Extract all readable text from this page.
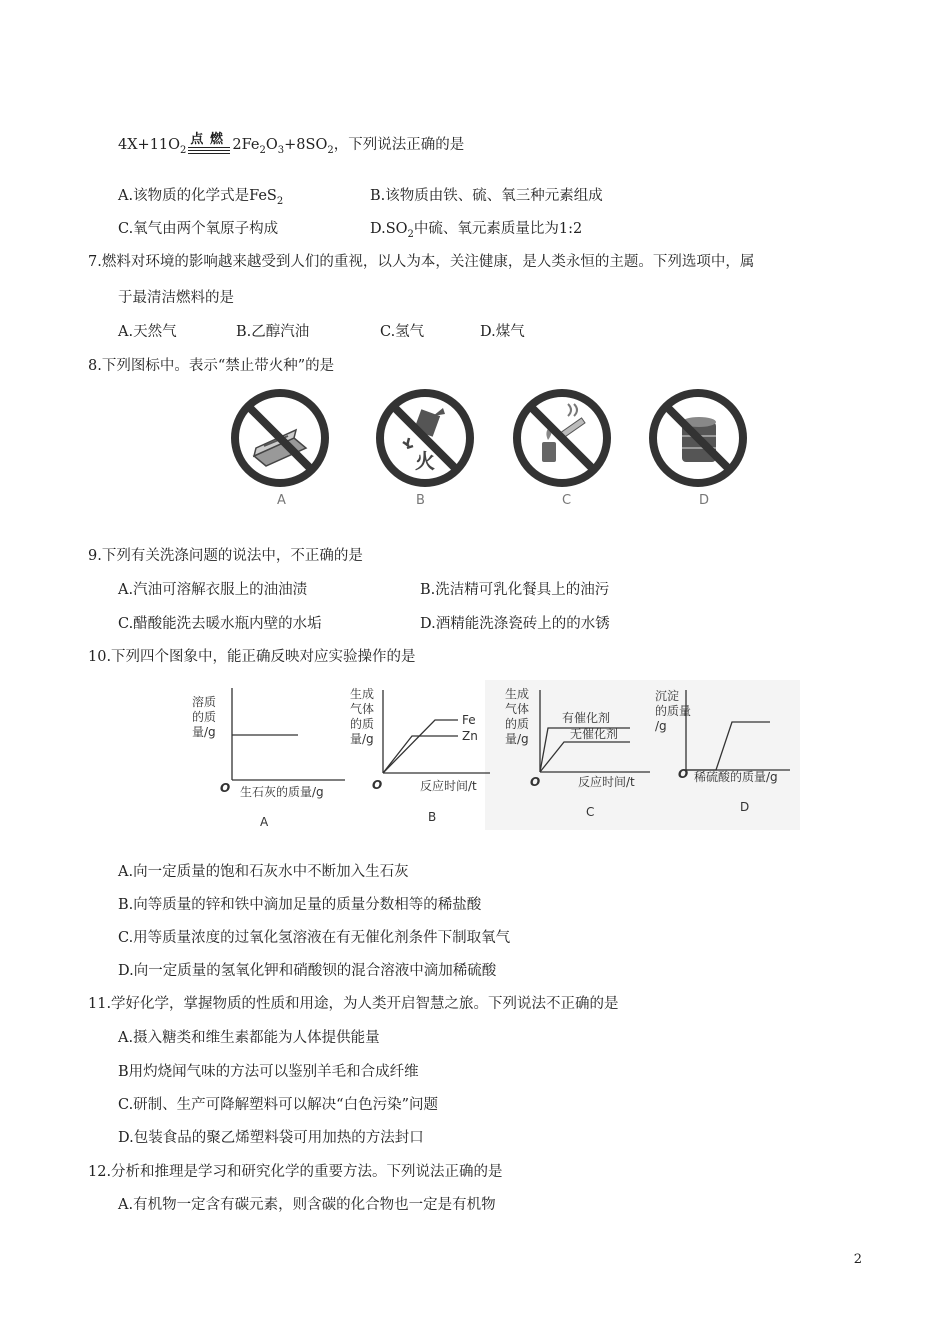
$4X+11O_2$
点 燃 $2Fe_2O_3+8SO_2$，下列说法正确的是
A.该物质的化学式是FeS$_2$	B.该物质由铁、硫、氧三种元素组成
C.氧气由两个氧原子构成	$D.SO_2$中硫、氧元素质量比为1:2
7.燃料对环境的影响越来越受到人们的重视，以人为本，关注健康，是人类永恒的主题。下列选项中，属
于最清洁燃料的是
A.天然气	B.乙醇汽油	C.氢气	D.煤气
8.下列图标中。表示“禁止带火种”的是
火
A	B	C	D
9.下列有关洗涤问题的说法中，不正确的是
A.汽油可溶解衣服上的油油渍	B.洗洁精可乳化餐具上的油污
C.醋酸能洗去暖水瓶内壁的水垢	D.酒精能洗涤瓷砖上的的水锈
10.下列四个图象中，能正确反映对应实验操作的是
溶质
的质
量/g
O 生石灰的质量/g
A
Fe
Zn
生成
气体
的质
量/g
O	反应时间/t
B
有催化剂
无催化剂
生成
气体
的质
量/g
O	反应时间/t
C
沉淀
的质量
/g
O 稀硫酸的质量/g
D
A.向一定质量的饱和石灰水中不断加入生石灰
B.向等质量的锌和铁中滴加足量的质量分数相等的稀盐酸
C.用等质量浓度的过氧化氢溶液在有无催化剂条件下制取氧气
D.向一定质量的氢氧化钾和硝酸钡的混合溶液中滴加稀硫酸
11.学好化学，掌握物质的性质和用途，为人类开启智慧之旅。下列说法不正确的是
A.摄入糖类和维生素都能为人体提供能量
B用灼烧闻气味的方法可以鉴别羊毛和合成纤维
C.研制、生产可降解塑料可以解决“白色污染”问题
D.包装食品的聚乙烯塑料袋可用加热的方法封口
12.分析和推理是学习和研究化学的重要方法。下列说法正确的是
A.有机物一定含有碳元素，则含碳的化合物也一定是有机物
2
